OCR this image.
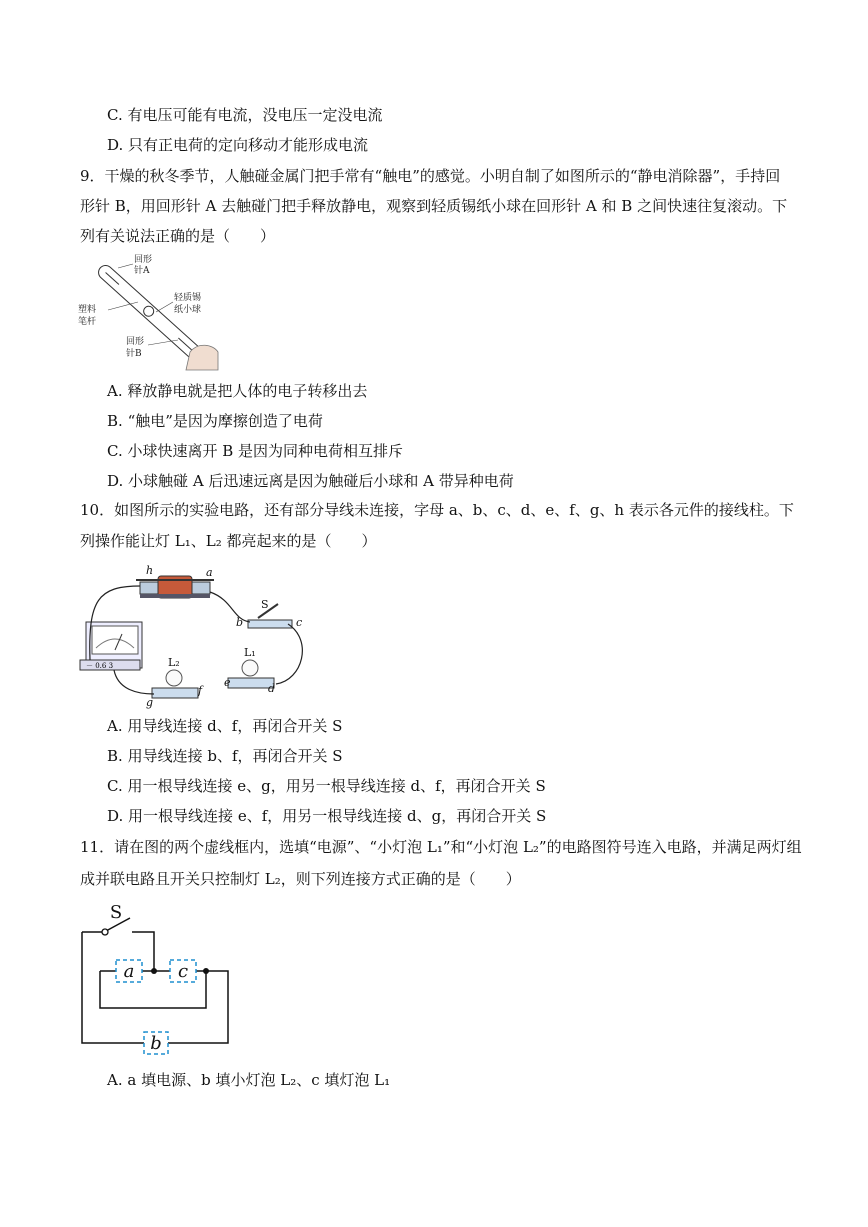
C. 有电压可能有电流，没电压一定没电流
D. 只有正电荷的定向移动才能形成电流
9．干燥的秋冬季节，人触碰金属门把手常有“触电”的感觉。小明自制了如图所示的“静电消除器”，手持回
形针 B，用回形针 A 去触碰门把手释放静电，观察到轻质锡纸小球在回形针 A 和 B 之间快速往复滚动。下
列有关说法正确的是（　　）
回形
针A
塑料
笔杆
轻质锡
纸小球
回形
针B
A. 释放静电就是把人体的电子转移出去
B. “触电”是因为摩擦创造了电荷
C. 小球快速离开 B 是因为同种电荷相互排斥
D. 小球触碰 A 后迅速远离是因为触碰后小球和 A 带异种电荷
10．如图所示的实验电路，还有部分导线未连接，字母 a、b、c、d、e、f、g、h 表示各元件的接线柱。下
列操作能让灯 L₁、L₂ 都亮起来的是（　　）
－ 0.6 3
h	a
S
b	c
L₁
L₂
e	d
g
f
A. 用导线连接 d、f，再闭合开关 S
B. 用导线连接 b、f，再闭合开关 S
C. 用一根导线连接 e、g，用另一根导线连接 d、f，再闭合开关 S
D. 用一根导线连接 e、f，用另一根导线连接 d、g，再闭合开关 S
11．请在图的两个虚线框内，选填“电源”、“小灯泡 L₁”和“小灯泡 L₂”的电路图符号连入电路，并满足两灯组
成并联电路且开关只控制灯 L₂，则下列连接方式正确的是（　　）
a c
b
S
A. a 填电源、b 填小灯泡 L₂、c 填灯泡 L₁
